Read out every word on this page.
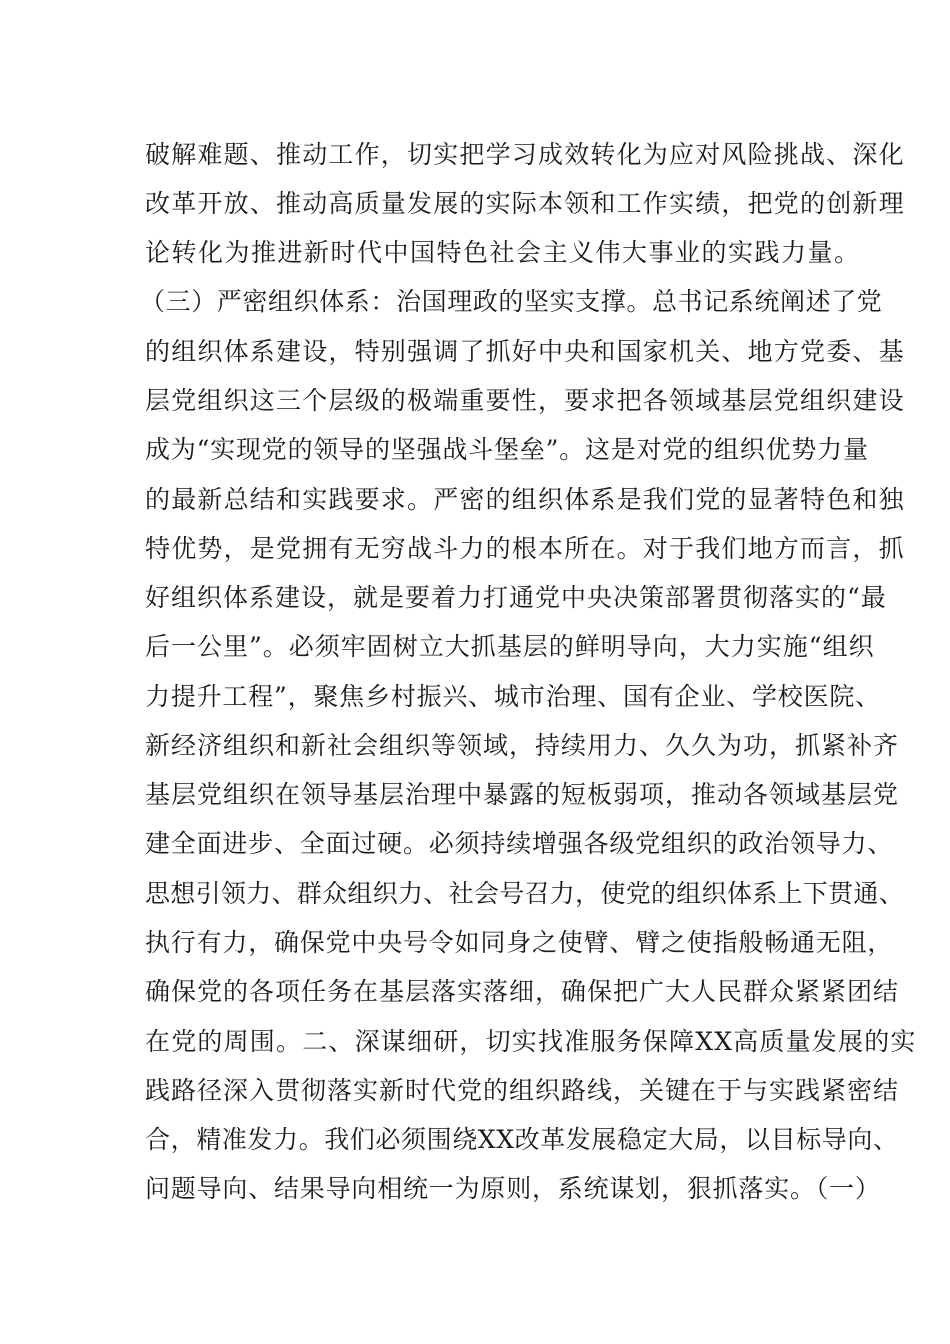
破解难题、推动工作，切实把学习成效转化为应对风险挑战、深化
改革开放、推动高质量发展的实际本领和工作实绩，把党的创新理
论转化为推进新时代中国特色社会主义伟大事业的实践力量。
（三）严密组织体系：治国理政的坚实支撑。总书记系统阐述了党
的组织体系建设，特别强调了抓好中央和国家机关、地方党委、基
层党组织这三个层级的极端重要性，要求把各领域基层党组织建设
成为“实现党的领导的坚强战斗堡垒”。这是对党的组织优势力量
的最新总结和实践要求。严密的组织体系是我们党的显著特色和独
特优势，是党拥有无穷战斗力的根本所在。对于我们地方而言，抓
好组织体系建设，就是要着力打通党中央决策部署贯彻落实的“最
后一公里”。必须牢固树立大抓基层的鲜明导向，大力实施“组织
力提升工程”，聚焦乡村振兴、城市治理、国有企业、学校医院、
新经济组织和新社会组织等领域，持续用力、久久为功，抓紧补齐
基层党组织在领导基层治理中暴露的短板弱项，推动各领域基层党
建全面进步、全面过硬。必须持续增强各级党组织的政治领导力、
思想引领力、群众组织力、社会号召力，使党的组织体系上下贯通、
执行有力，确保党中央号令如同身之使臂、臂之使指般畅通无阻，
确保党的各项任务在基层落实落细，确保把广大人民群众紧紧团结
在党的周围。二、深谋细研，切实找准服务保障XX高质量发展的实
践路径深入贯彻落实新时代党的组织路线，关键在于与实践紧密结
合，精准发力。我们必须围绕XX改革发展稳定大局，以目标导向、
问题导向、结果导向相统一为原则，系统谋划，狠抓落实。（一）
